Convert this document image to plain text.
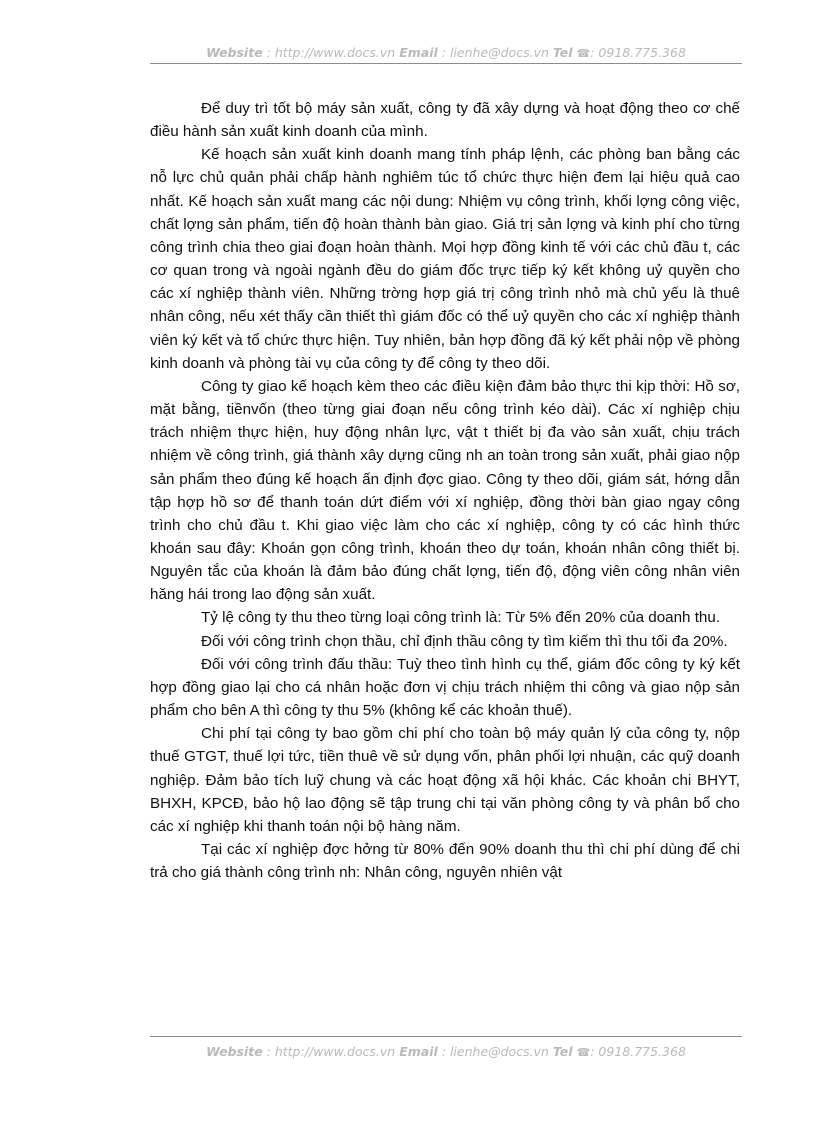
Website : http://www.docs.vn Email : lienhe@docs.vn Tel ☎: 0918.775.368

Để duy trì tốt bộ máy sản xuất, công ty đã xây dựng và hoạt động theo cơ chế điều hành sản xuất kinh doanh của mình.

Kế hoạch sản xuất kinh doanh mang tính pháp lệnh, các phòng ban bằng các nỗ lực chủ quản phải chấp hành nghiêm túc tổ chức thực hiện đem lại hiệu quả cao nhất. Kế hoạch sản xuất mang các nội dung: Nhiệm vụ công trình, khối lợng công việc, chất lợng sản phẩm, tiến độ hoàn thành bàn giao. Giá trị sản lợng và kinh phí cho từng công trình chia theo giai đoạn hoàn thành. Mọi hợp đồng kinh tế với các chủ đầu t, các cơ quan trong và ngoài ngành đều do giám đốc trực tiếp ký kết không uỷ quyền cho các xí nghiệp thành viên. Những trờng hợp giá trị công trình nhỏ mà chủ yếu là thuê nhân công, nếu xét thấy cần thiết thì giám đốc có thể uỷ quyền cho các xí nghiệp thành viên ký kết và tổ chức thực hiện. Tuy nhiên, bản hợp đồng đã ký kết phải nộp về phòng kinh doanh và phòng tài vụ của công ty để công ty theo dõi.

Công ty giao kế hoạch kèm theo các điều kiện đảm bảo thực thi kịp thời: Hồ sơ, mặt bằng, tiềnvốn (theo từng giai đoạn nếu công trình kéo dài). Các xí nghiệp chịu trách nhiệm thực hiện, huy động nhân lực, vật t thiết bị đa vào sản xuất, chịu trách nhiệm về công trình, giá thành xây dựng cũng nh an toàn trong sản xuất, phải giao nộp sản phẩm theo đúng kế hoạch ấn định đợc giao. Công ty theo dõi, giám sát, hớng dẫn tập hợp hồ sơ để thanh toán dứt điểm với xí nghiệp, đồng thời bàn giao ngay công trình cho chủ đầu t. Khi giao việc làm cho các xí nghiệp, công ty có các hình thức khoán sau đây: Khoán gọn công trình, khoán theo dự toán, khoán nhân công thiết bị. Nguyên tắc của khoán là đảm bảo đúng chất lợng, tiến độ, động viên công nhân viên hăng hái trong lao động sản xuất.

Tỷ lệ công ty thu theo từng loại công trình là: Từ 5% đến 20% của doanh thu.

Đối với công trình chọn thầu, chỉ định thầu công ty tìm kiếm thì thu tối đa 20%.

Đối với công trình đấu thầu: Tuỳ theo tình hình cụ thể, giám đốc công ty ký kết hợp đồng giao lại cho cá nhân hoặc đơn vị chịu trách nhiệm thi công và giao nộp sản phẩm cho bên A thì công ty thu 5% (không kể các khoản thuế).

Chi phí tại công ty bao gồm chi phí cho toàn bộ máy quản lý của công ty, nộp thuế GTGT, thuế lợi tức, tiền thuê về sử dụng vốn, phân phối lợi nhuận, các quỹ doanh nghiệp. Đảm bảo tích luỹ chung và các hoạt động xã hội khác. Các khoản chi BHYT, BHXH, KPCĐ, bảo hộ lao động sẽ tập trung chi tại văn phòng công ty và phân bổ cho các xí nghiệp khi thanh toán nội bộ hàng năm.

Tại các xí nghiệp đợc hởng từ 80% đến 90% doanh thu thì chi phí dùng để chi trả cho giá thành công trình nh: Nhân công, nguyên nhiên vật

Website : http://www.docs.vn Email : lienhe@docs.vn Tel ☎: 0918.775.368
